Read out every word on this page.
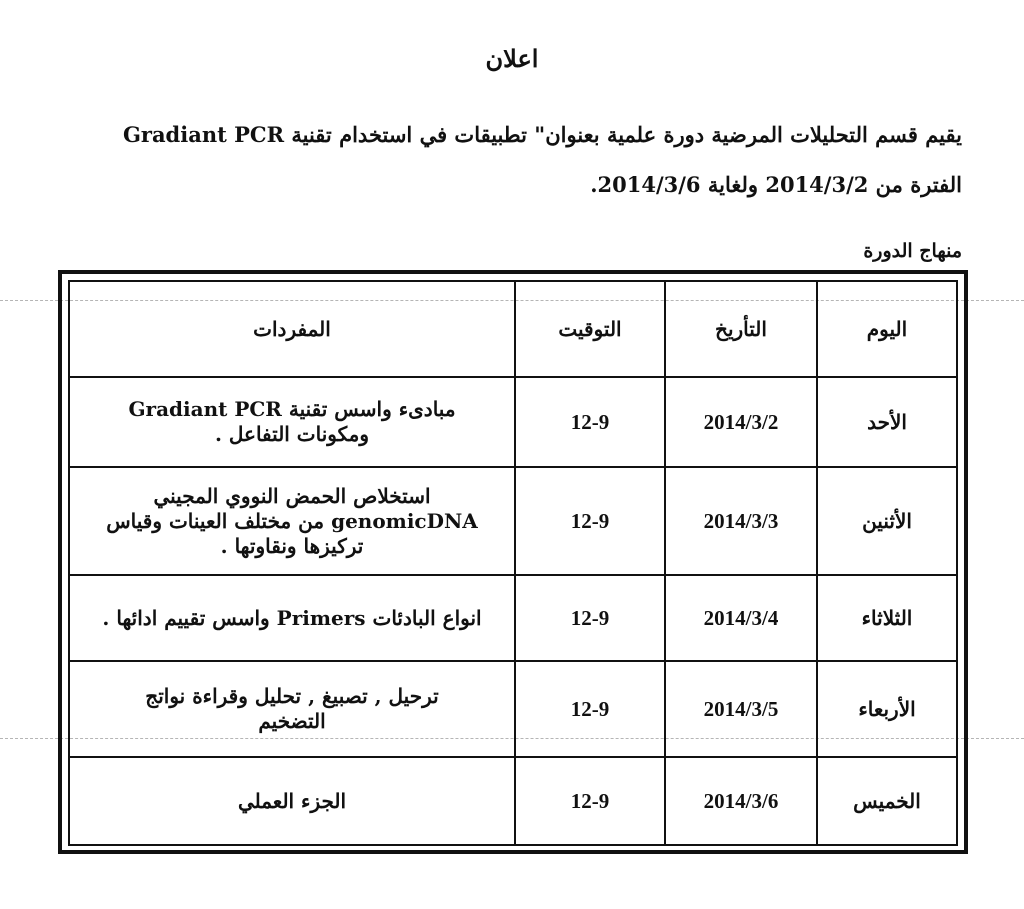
اعلان
يقيم قسم التحليلات المرضية دورة علمية بعنوان" تطبيقات في استخدام تقنية Gradiant PCR
الفترة من 2014/3/2 ولغاية 2014/3/6.
منهاج الدورة
اليوم	التأريخ	التوقيت	المفردات
الأحد	2014/3/2	12-9	مبادىء واسس تقنية Gradiant PCR
ومكونات التفاعل .

الأثنين	2014/3/3	12-9	استخلاص الحمض النووي المجيني
genomicDNA من مختلف العينات وقياس
تركيزها ونقاوتها .

الثلاثاء	2014/3/4	12-9	انواع البادئات Primers واسس تقييم ادائها .

الأربعاء	2014/3/5	12-9	ترحيل , تصبيغ , تحليل وقراءة نواتج
التضخيم

الخميس	2014/3/6	12-9	الجزء العملي
